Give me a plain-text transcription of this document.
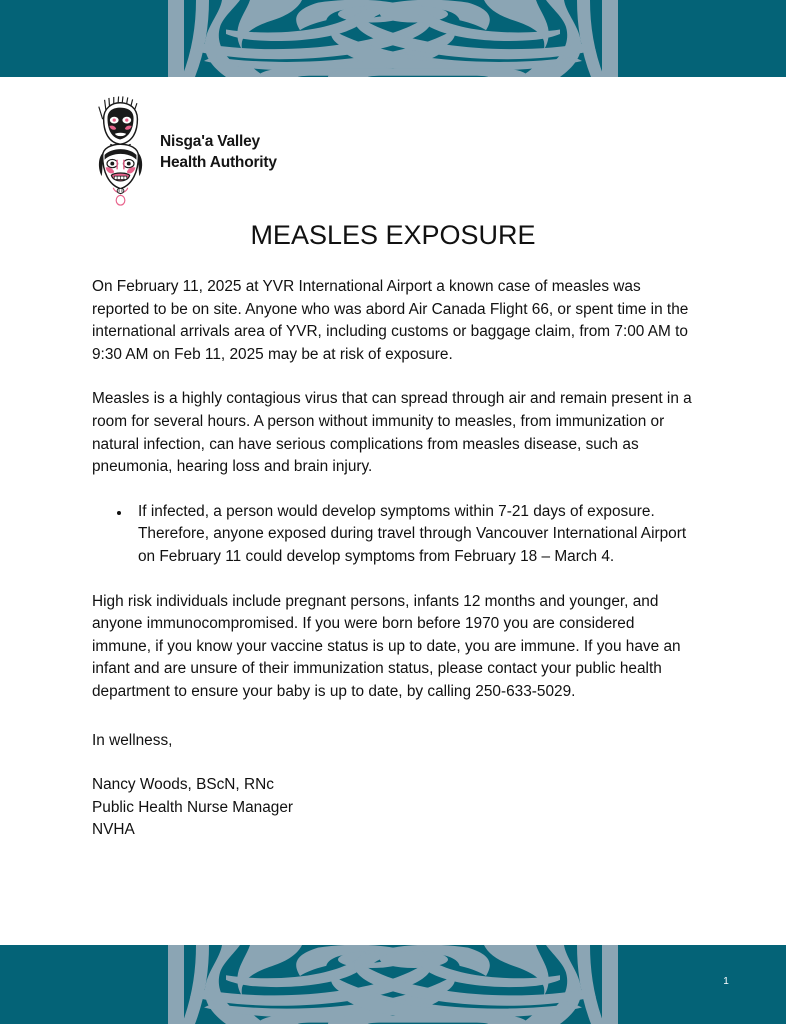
Nisga'a Valley
Health Authority
MEASLES EXPOSURE

On February 11, 2025 at YVR International Airport a known case of measles was reported to be on site. Anyone who was abord Air Canada Flight 66, or spent time in the international arrivals area of YVR, including customs or baggage claim, from 7:00 AM to 9:30 AM on Feb 11, 2025 may be at risk of exposure.

Measles is a highly contagious virus that can spread through air and remain present in a room for several hours. A person without immunity to measles, from immunization or natural infection, can have serious complications from measles disease, such as pneumonia, hearing loss and brain injury.

If infected, a person would develop symptoms within 7-21 days of exposure. Therefore, anyone exposed during travel through Vancouver International Airport on February 11 could develop symptoms from February 18 – March 4.

High risk individuals include pregnant persons, infants 12 months and younger, and anyone immunocompromised. If you were born before 1970 you are considered immune, if you know your vaccine status is up to date, you are immune. If you have an infant and are unsure of their immunization status, please contact your public health department to ensure your baby is up to date, by calling 250-633-5029.

In wellness,
Nancy Woods, BScN, RNc
Public Health Nurse Manager
NVHA
1
